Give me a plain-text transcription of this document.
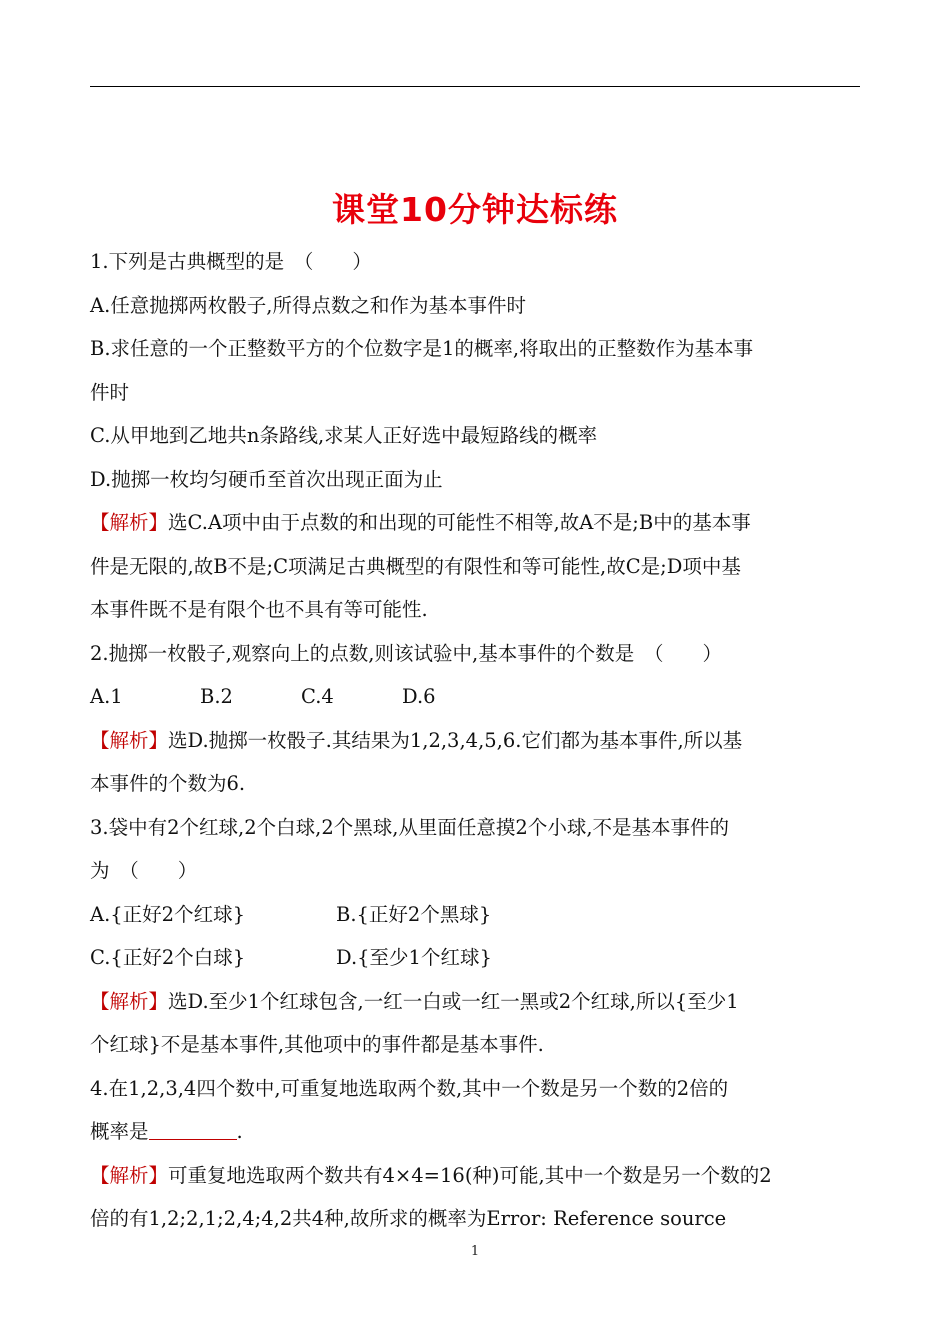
课堂10分钟达标练
1.下列是古典概型的是　（　　）
A.任意抛掷两枚骰子,所得点数之和作为基本事件时
B.求任意的一个正整数平方的个位数字是1的概率,将取出的正整数作为基本事
件时
C.从甲地到乙地共n条路线,求某人正好选中最短路线的概率
D.抛掷一枚均匀硬币至首次出现正面为止
【解析】选C.A项中由于点数的和出现的可能性不相等,故A不是;B中的基本事
件是无限的,故B不是;C项满足古典概型的有限性和等可能性,故C是;D项中基
本事件既不是有限个也不具有等可能性.
2.抛掷一枚骰子,观察向上的点数,则该试验中,基本事件的个数是　（　　）
A.1	B.2	C.4	D.6
【解析】选D.抛掷一枚骰子.其结果为1,2,3,4,5,6.它们都为基本事件,所以基
本事件的个数为6.
3.袋中有2个红球,2个白球,2个黑球,从里面任意摸2个小球,不是基本事件的
为　（　　）
A.{正好2个红球}	B.{正好2个黑球}
C.{正好2个白球}	D.{至少1个红球}
【解析】选D.至少1个红球包含,一红一白或一红一黑或2个红球,所以{至少1
个红球}不是基本事件,其他项中的事件都是基本事件.
4.在1,2,3,4四个数中,可重复地选取两个数,其中一个数是另一个数的2倍的
概率是	.
【解析】可重复地选取两个数共有4×4=16(种)可能,其中一个数是另一个数的2
倍的有1,2;2,1;2,4;4,2共4种,故所求的概率为Error: Reference source
1
